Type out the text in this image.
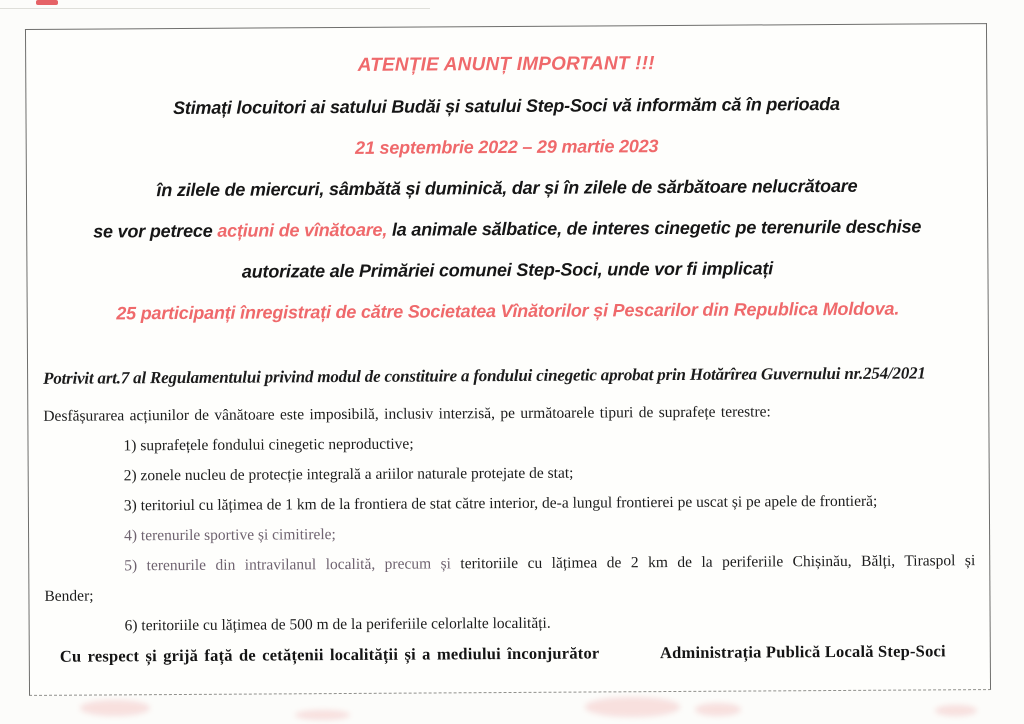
ATENȚIE ANUNȚ IMPORTANT !!!
Stimați locuitori ai satului Budăi și satului Step-Soci vă informăm că în perioada
21 septembrie 2022 – 29 martie 2023
în zilele de miercuri, sâmbătă și duminică, dar și în zilele de sărbătoare nelucrătoare
se vor petrece acțiuni de vînătoare, la animale sălbatice, de interes cinegetic pe terenurile deschise
autorizate ale Primăriei comunei Step-Soci, unde vor fi implicați
25 participanți înregistrați de către Societatea Vînătorilor și Pescarilor din Republica Moldova.
Potrivit art.7 al Regulamentului privind modul de constituire a fondului cinegetic aprobat prin Hotărîrea Guvernului nr.254/2021
Desfășurarea acțiunilor de vânătoare este imposibilă, inclusiv interzisă, pe următoarele tipuri de suprafețe terestre:
1) suprafețele fondului cinegetic neproductive;
2) zonele nucleu de protecție integrală a ariilor naturale protejate de stat;
3) teritoriul cu lățimea de 1 km de la frontiera de stat către interior, de-a lungul frontierei pe uscat și pe apele de frontieră;
4) terenurile sportive și cimitirele;
5) terenurile din intravilanul localită, precum și teritoriile cu lățimea de 2 km de la periferiile Chișinău, Bălți, Tiraspol și
Bender;
6) teritoriile cu lățimea de 500 m de la periferiile celorlalte localități.
Cu respect și grijă față de cetățenii localității și a mediului înconjurător	Administrația Publică Locală Step-Soci
